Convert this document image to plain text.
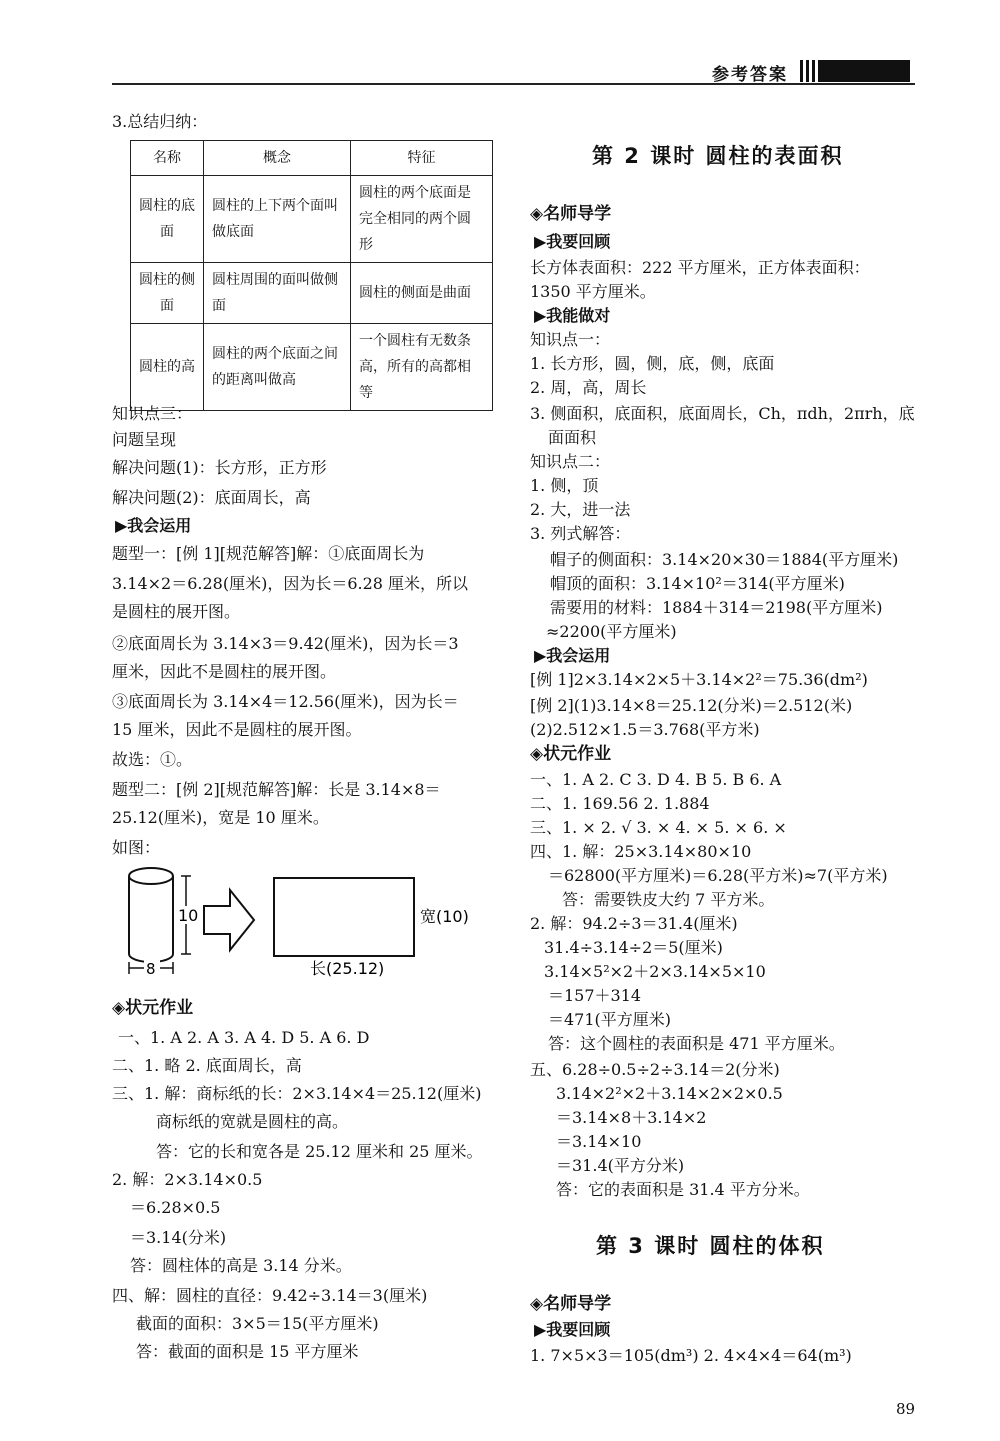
参考答案
3.总结归纳：
名称	概念	特征
圆柱的底面	圆柱的上下两个面叫做底面	圆柱的两个底面是完全相同的两个圆形
圆柱的侧面	圆柱周围的面叫做侧面	圆柱的侧面是曲面
圆柱的高	圆柱的两个底面之间的距离叫做高	一个圆柱有无数条高，所有的高都相等
知识点三：
问题呈现
解决问题(1)：长方形，正方形
解决问题(2)：底面周长，高
▶我会运用
题型一：[例 1][规范解答]解：①底面周长为
3.14×2＝6.28(厘米)，因为长＝6.28 厘米，所以
是圆柱的展开图。
②底面周长为 3.14×3＝9.42(厘米)，因为长＝3
厘米，因此不是圆柱的展开图。
③底面周长为 3.14×4＝12.56(厘米)，因为长＝
15 厘米，因此不是圆柱的展开图。
故选：①。
题型二：[例 2][规范解答]解：长是 3.14×8＝
25.12(厘米)，宽是 10 厘米。
如图：
10
8
宽(10)
长(25.12)
◈状元作业
一、1. A 2. A 3. A 4. D 5. A 6. D
二、1. 略 2. 底面周长，高
三、1. 解：商标纸的长：2×3.14×4＝25.12(厘米)
商标纸的宽就是圆柱的高。
答：它的长和宽各是 25.12 厘米和 25 厘米。
2. 解：2×3.14×0.5
＝6.28×0.5
＝3.14(分米)
答：圆柱体的高是 3.14 分米。
四、解：圆柱的直径：9.42÷3.14＝3(厘米)
截面的面积：3×5＝15(平方厘米)
答：截面的面积是 15 平方厘米
第 2 课时 圆柱的表面积
◈名师导学
▶我要回顾
长方体表面积：222 平方厘米，正方体表面积：
1350 平方厘米。
▶我能做对
知识点一：
1. 长方形，圆，侧，底，侧，底面
2. 周，高，周长
3. 侧面积，底面积，底面周长，Ch，πdh，2πrh，底
面面积
知识点二：
1. 侧，顶
2. 大，进一法
3. 列式解答：
帽子的侧面积：3.14×20×30＝1884(平方厘米)
帽顶的面积：3.14×10²＝314(平方厘米)
需要用的材料：1884＋314＝2198(平方厘米)
≈2200(平方厘米)
▶我会运用
[例 1]2×3.14×2×5＋3.14×2²＝75.36(dm²)
[例 2](1)3.14×8＝25.12(分米)＝2.512(米)
(2)2.512×1.5＝3.768(平方米)
◈状元作业
一、1. A 2. C 3. D 4. B 5. B 6. A
二、1. 169.56 2. 1.884
三、1. × 2. √ 3. × 4. × 5. × 6. ×
四、1. 解：25×3.14×80×10
＝62800(平方厘米)＝6.28(平方米)≈7(平方米)
答：需要铁皮大约 7 平方米。
2. 解：94.2÷3＝31.4(厘米)
31.4÷3.14÷2＝5(厘米)
3.14×5²×2＋2×3.14×5×10
＝157＋314
＝471(平方厘米)
答：这个圆柱的表面积是 471 平方厘米。
五、6.28÷0.5÷2÷3.14＝2(分米)
3.14×2²×2＋3.14×2×2×0.5
＝3.14×8＋3.14×2
＝3.14×10
＝31.4(平方分米)
答：它的表面积是 31.4 平方分米。
第 3 课时 圆柱的体积
◈名师导学
▶我要回顾
1. 7×5×3＝105(dm³) 2. 4×4×4＝64(m³)
89
